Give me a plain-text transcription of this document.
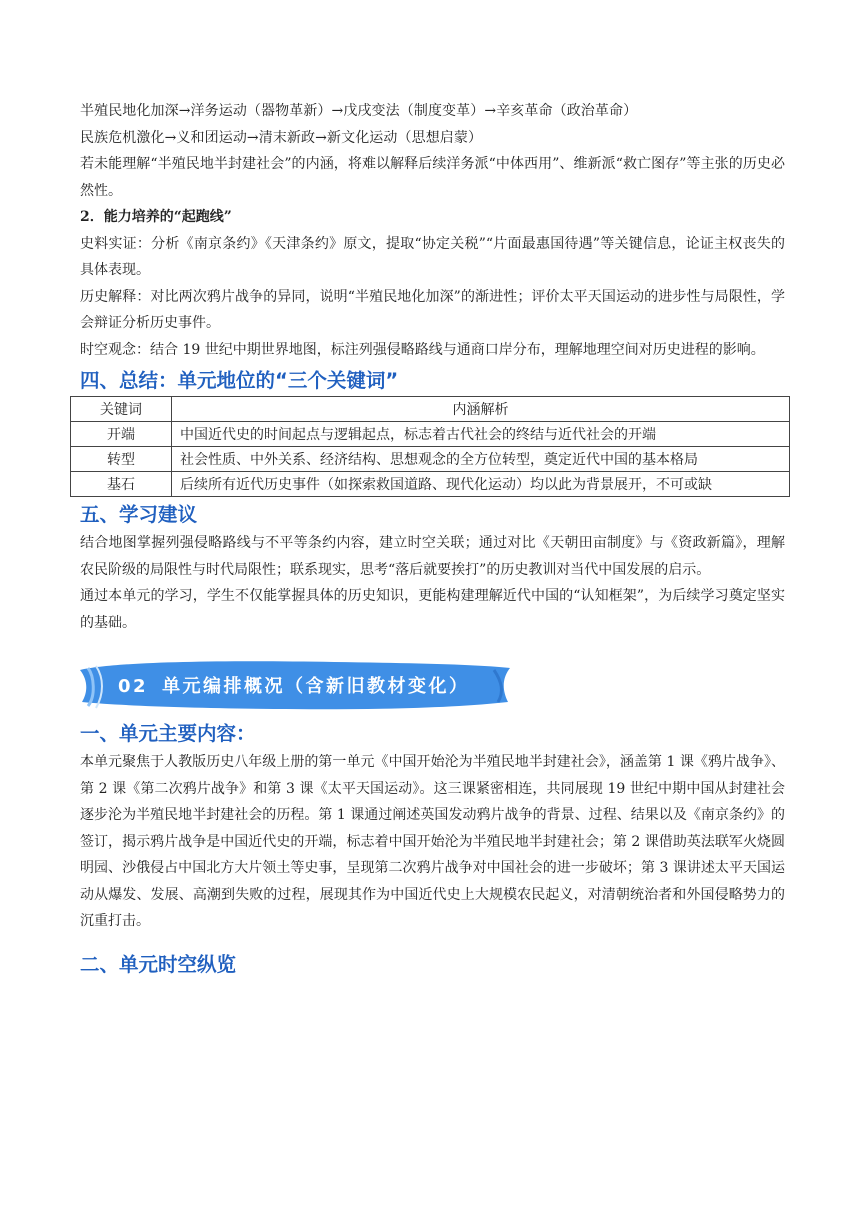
半殖民地化加深→洋务运动（器物革新）→戊戌变法（制度变革）→辛亥革命（政治革命）

民族危机激化→义和团运动→清末新政→新文化运动（思想启蒙）

若未能理解“半殖民地半封建社会”的内涵，将难以解释后续洋务派“中体西用”、维新派“救亡图存”等主张的历史必然性。

2．能力培养的“起跑线”

史料实证：分析《南京条约》《天津条约》原文，提取“协定关税”“片面最惠国待遇”等关键信息，论证主权丧失的具体表现。

历史解释：对比两次鸦片战争的异同，说明“半殖民地化加深”的渐进性；评价太平天国运动的进步性与局限性，学会辩证分析历史事件。

时空观念：结合 19 世纪中期世界地图，标注列强侵略路线与通商口岸分布，理解地理空间对历史进程的影响。

四、总结：单元地位的“三个关键词”
关键词	内涵解析
开端	中国近代史的时间起点与逻辑起点，标志着古代社会的终结与近代社会的开端
转型	社会性质、中外关系、经济结构、思想观念的全方位转型，奠定近代中国的基本格局
基石	后续所有近代历史事件（如探索救国道路、现代化运动）均以此为背景展开，不可或缺
五、学习建议

结合地图掌握列强侵略路线与不平等条约内容，建立时空关联；通过对比《天朝田亩制度》与《资政新篇》，理解农民阶级的局限性与时代局限性；联系现实，思考“落后就要挨打”的历史教训对当代中国发展的启示。

通过本单元的学习，学生不仅能掌握具体的历史知识，更能构建理解近代中国的“认知框架”，为后续学习奠定坚实的基础。

02 单元编排概况（含新旧教材变化）
一、单元主要内容：

本单元聚焦于人教版历史八年级上册的第一单元《中国开始沦为半殖民地半封建社会》，涵盖第 1 课《鸦片战争》、第 2 课《第二次鸦片战争》和第 3 课《太平天国运动》。这三课紧密相连，共同展现 19 世纪中期中国从封建社会逐步沦为半殖民地半封建社会的历程。第 1 课通过阐述英国发动鸦片战争的背景、过程、结果以及《南京条约》的签订，揭示鸦片战争是中国近代史的开端，标志着中国开始沦为半殖民地半封建社会；第 2 课借助英法联军火烧圆明园、沙俄侵占中国北方大片领土等史事，呈现第二次鸦片战争对中国社会的进一步破坏；第 3 课讲述太平天国运动从爆发、发展、高潮到失败的过程，展现其作为中国近代史上大规模农民起义，对清朝统治者和外国侵略势力的沉重打击。

二、单元时空纵览
